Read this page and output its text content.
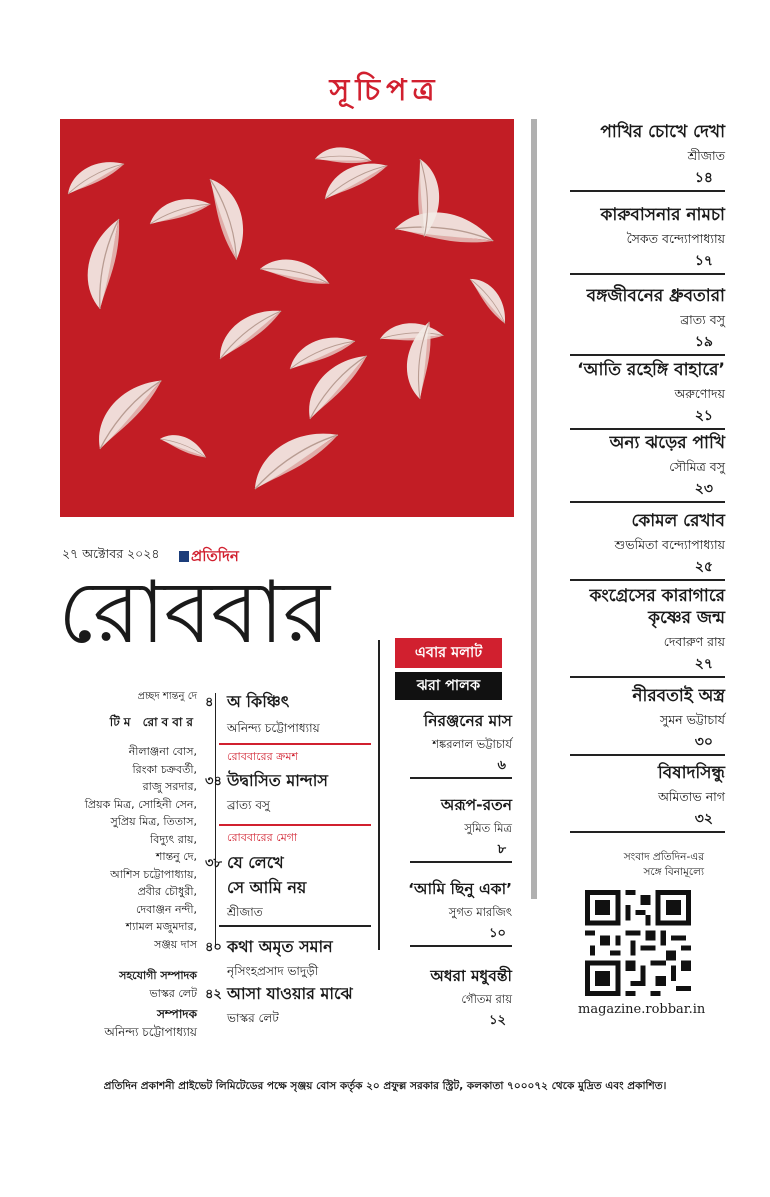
সূচিপত্র
পাখির চোখে দেখা
শ্রীজাত
১৪
কারুবাসনার নামচা
সৈকত বন্দ্যোপাধ্যায়
১৭
বঙ্গজীবনের ধ্রুবতারা
ব্রাত্য বসু
১৯
‘আতি রহেঙ্গি বাহারে’
অরুণোদয়
২১
অন্য ঝড়ের পাখি
সৌমিত্র বসু
২৩
কোমল রেখাব
শুভমিতা বন্দ্যোপাধ্যায়
২৫
কংগ্রেসের কারাগারে
কৃষ্ণের জন্ম
দেবারুণ রায়
২৭
নীরবতাই অস্ত্র
সুমন ভট্টাচার্য
৩০
বিষাদসিন্ধু
অমিতাভ নাগ
৩২
২৭ অক্টোবর ২০২৪	প্রতিদিন
রোববার
প্রচ্ছদ শান্তনু দে
টিম রোববার
নীলাঞ্জনা বোস,
রিংকা চক্রবর্তী,
রাজু সরদার,
প্রিয়ক মিত্র, সোহিনী সেন,
সুপ্রিয় মিত্র, তিতাস,
বিদ্যুৎ রায়,
শান্তনু দে,
আশিস চট্টোপাধ্যায়,
প্রবীর চৌধুরী,
দেবাঞ্জন নন্দী,
শ্যামল মজুমদার,
সঞ্জয় দাস
সহযোগী সম্পাদক
ভাস্কর লেট
সম্পাদক
অনিন্দ্য চট্টোপাধ্যায়
৪ অ কিঞ্চিৎ
অনিন্দ্য চট্টোপাধ্যায়
রোববারের ক্রমশ
৩৪ উদ্বাসিত মান্দাস
ব্রাত্য বসু
রোববারের মেগা
৩৮ যে লেখে
সে আমি নয়
শ্রীজাত
৪০ কথা অমৃত সমান
নৃসিংহপ্রসাদ ভাদুড়ী
৪২ আসা যাওয়ার মাঝে
ভাস্কর লেট
এবার মলাট
ঝরা পালক
নিরঞ্জনের মাস
শঙ্করলাল ভট্টাচার্য
৬
অরূপ-রতন
সুমিত মিত্র
৮
‘আমি ছিনু একা’
সুগত মারজিৎ
১০
অধরা মধুবন্তী
গৌতম রায়
১২
সংবাদ প্রতিদিন-এর
সঙ্গে বিনামূল্যে
magazine.robbar.in
প্রতিদিন প্রকাশনী প্রাইভেট লিমিটেডের পক্ষে সৃঞ্জয় বোস কর্তৃক ২০ প্রফুল্ল সরকার স্ট্রিট, কলকাতা ৭০০০৭২ থেকে মুদ্রিত এবং প্রকাশিত।
